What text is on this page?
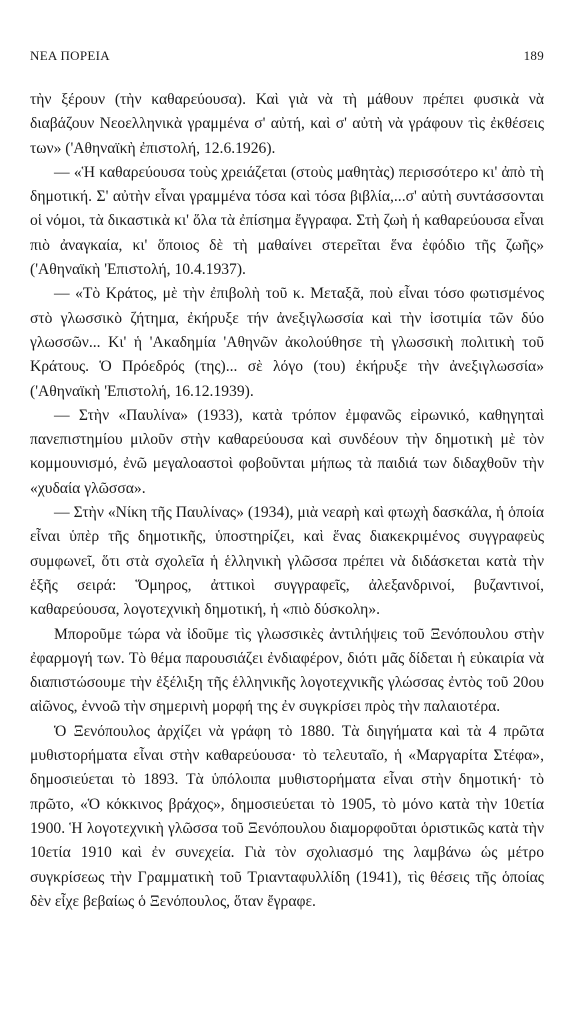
ΝΕΑ ΠΟΡΕΙΑ	189

τὴν ξέρουν (τὴν καθαρεύουσα). Καὶ γιὰ νὰ τὴ μάθουν πρέπει φυσικὰ νὰ διαβάζουν Νεοελληνικὰ γραμμένα σ' αὐτή, καὶ σ' αὐτὴ νὰ γράφουν τὶς ἐκθέσεις των» ('Αθηναϊκὴ ἐπιστολή, 12.6.1926).

— «Ἡ καθαρεύουσα τοὺς χρειάζεται (στοὺς μαθητὰς) περισσότερο κι' ἀπὸ τὴ δημοτική. Σ' αὐτὴν εἶναι γραμμένα τόσα καὶ τόσα βιβλία,...σ' αὐτὴ συντάσσονται οἱ νόμοι, τὰ δικαστικὰ κι' ὅλα τὰ ἐπίσημα ἔγγραφα. Στὴ ζωὴ ἡ καθαρεύουσα εἶναι πιὸ ἀναγκαία, κι' ὅποιος δὲ τὴ μαθαίνει στερεῖται ἕνα ἐφόδιο τῆς ζωῆς» ('Αθηναϊκὴ 'Επιστολή, 10.4.1937).

— «Τὸ Κράτος, μὲ τὴν ἐπιβολὴ τοῦ κ. Μεταξᾶ, ποὺ εἶναι τόσο φωτισμένος στὸ γλωσσικὸ ζήτημα, ἐκήρυξε τήν ἀνεξιγλωσσία καὶ τὴν ἰσοτιμία τῶν δύο γλωσσῶν... Κι' ἡ 'Ακαδημία 'Αθηνῶν ἀκολούθησε τὴ γλωσσικὴ πολιτικὴ τοῦ Κράτους. Ὁ Πρόεδρός (της)... σὲ λόγο (του) ἐκήρυξε τὴν ἀνεξιγλωσσία» ('Αθηναϊκὴ 'Επιστολή, 16.12.1939).

— Στὴν «Παυλίνα» (1933), κατὰ τρόπον ἐμφανῶς εἰρωνικό, καθηγηταὶ πανεπιστημίου μιλοῦν στὴν καθαρεύουσα καὶ συνδέουν τὴν δημοτικὴ μὲ τὸν κομμουνισμό, ἐνῶ μεγαλοαστοὶ φοβοῦνται μήπως τὰ παιδιά των διδαχθοῦν τὴν «χυδαία γλῶσσα».

— Στὴν «Νίκη τῆς Παυλίνας» (1934), μιὰ νεαρὴ καὶ φτωχὴ δασκάλα, ἡ ὁποία εἶναι ὑπὲρ τῆς δημοτικῆς, ὑποστηρίζει, καὶ ἕνας διακεκριμένος συγγραφεὺς συμφωνεῖ, ὅτι στὰ σχολεῖα ἡ ἑλληνικὴ γλῶσσα πρέπει νὰ διδάσκεται κατὰ τὴν ἑξῆς σειρά: Ὅμηρος, ἀττικοὶ συγγραφεῖς, ἀλεξανδρινοί, βυζαντινοί, καθαρεύουσα, λογοτεχνικὴ δημοτική, ἡ «πιὸ δύσκολη».

Μποροῦμε τώρα νὰ ἰδοῦμε τὶς γλωσσικὲς ἀντιλήψεις τοῦ Ξενόπουλου στὴν ἐφαρμογή των. Τὸ θέμα παρουσιάζει ἐνδιαφέρον, διότι μᾶς δίδεται ἡ εὐκαιρία νὰ διαπιστώσουμε τὴν ἐξέλιξη τῆς ἑλληνικῆς λογοτεχνικῆς γλώσσας ἐντὸς τοῦ 20ου αἰῶνος, ἐννοῶ τὴν σημερινὴ μορφή της ἐν συγκρίσει πρὸς τὴν παλαιοτέρα.

Ὁ Ξενόπουλος ἀρχίζει νὰ γράφη τὸ 1880. Τὰ διηγήματα καὶ τὰ 4 πρῶτα μυθιστορήματα εἶναι στὴν καθαρεύουσα· τὸ τελευταῖο, ἡ «Μαργαρίτα Στέφα», δημοσιεύεται τὸ 1893. Τὰ ὑπόλοιπα μυθιστορήματα εἶναι στὴν δημοτική· τὸ πρῶτο, «Ὁ κόκκινος βράχος», δημοσιεύεται τὸ 1905, τὸ μόνο κατὰ τὴν 10ετία 1900. Ἡ λογοτεχνικὴ γλῶσσα τοῦ Ξενόπουλου διαμορφοῦται ὁριστικῶς κατὰ τὴν 10ετία 1910 καὶ ἐν συνεχεία. Γιὰ τὸν σχολιασμό της λαμβάνω ὡς μέτρο συγκρίσεως τὴν Γραμματικὴ τοῦ Τριανταφυλλίδη (1941), τὶς θέσεις τῆς ὁποίας δὲν εἶχε βεβαίως ὁ Ξενόπουλος, ὅταν ἔγραφε.
